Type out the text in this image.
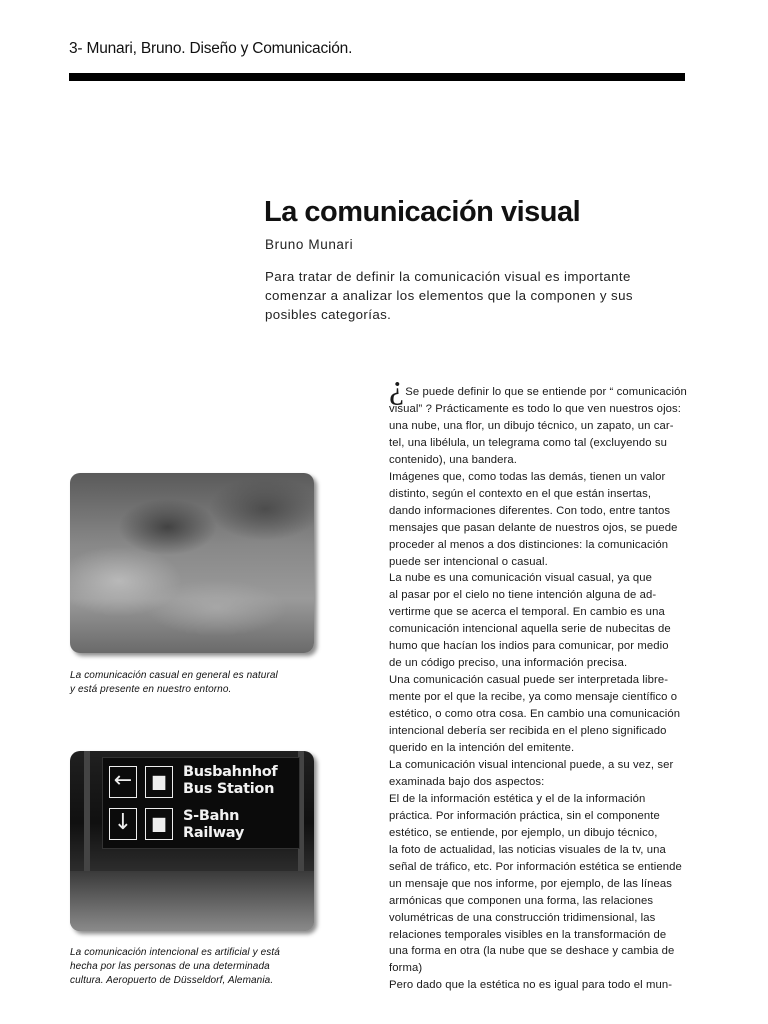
3- Munari, Bruno. Diseño y Comunicación.
La comunicación visual
Bruno Munari
Para tratar de definir la comunicación visual es importante
comenzar a analizar los elementos que la componen y sus
posibles categorías.
¿Se puede definir lo que se entiende por “ comunicación
visual” ? Prácticamente es todo lo que ven nuestros ojos:
una nube, una flor, un dibujo técnico, un zapato, un car-
tel, una libélula, un telegrama como tal (excluyendo su
contenido), una bandera.
Imágenes que, como todas las demás, tienen un valor
distinto, según el contexto en el que están insertas,
dando informaciones diferentes. Con todo, entre tantos
mensajes que pasan delante de nuestros ojos, se puede
proceder al menos a dos distinciones: la comunicación
puede ser intencional o casual.
La nube es una comunicación visual casual, ya que
al pasar por el cielo no tiene intención alguna de ad-
vertirme que se acerca el temporal. En cambio es una
comunicación intencional aquella serie de nubecitas de
humo que hacían los indios para comunicar, por medio
de un código preciso, una información precisa.
Una comunicación casual puede ser interpretada libre-
mente por el que la recibe, ya como mensaje científico o
estético, o como otra cosa. En cambio una comunicación
intencional debería ser recibida en el pleno significado
querido en la intención del emitente.
La comunicación visual intencional puede, a su vez, ser
examinada bajo dos aspectos:
El de la información estética y el de la información
práctica. Por información práctica, sin el componente
estético, se entiende, por ejemplo, un dibujo técnico,
la foto de actualidad, las noticias visuales de la tv, una
señal de tráfico, etc. Por información estética se entiende
un mensaje que nos informe, por ejemplo, de las líneas
armónicas que componen una forma, las relaciones
volumétricas de una construcción tridimensional, las
relaciones temporales visibles en la transformación de
una forma en otra (la nube que se deshace y cambia de
forma)
Pero dado que la estética no es igual para todo el mun-
La comunicación casual en general es natural
y está presente en nuestro entorno.
←	▆
↓	▆
Busbahnhof
Bus Station
S-Bahn
Railway
La comunicación intencional es artificial y está
hecha por las personas de una determinada
cultura. Aeropuerto de Düsseldorf, Alemania.
